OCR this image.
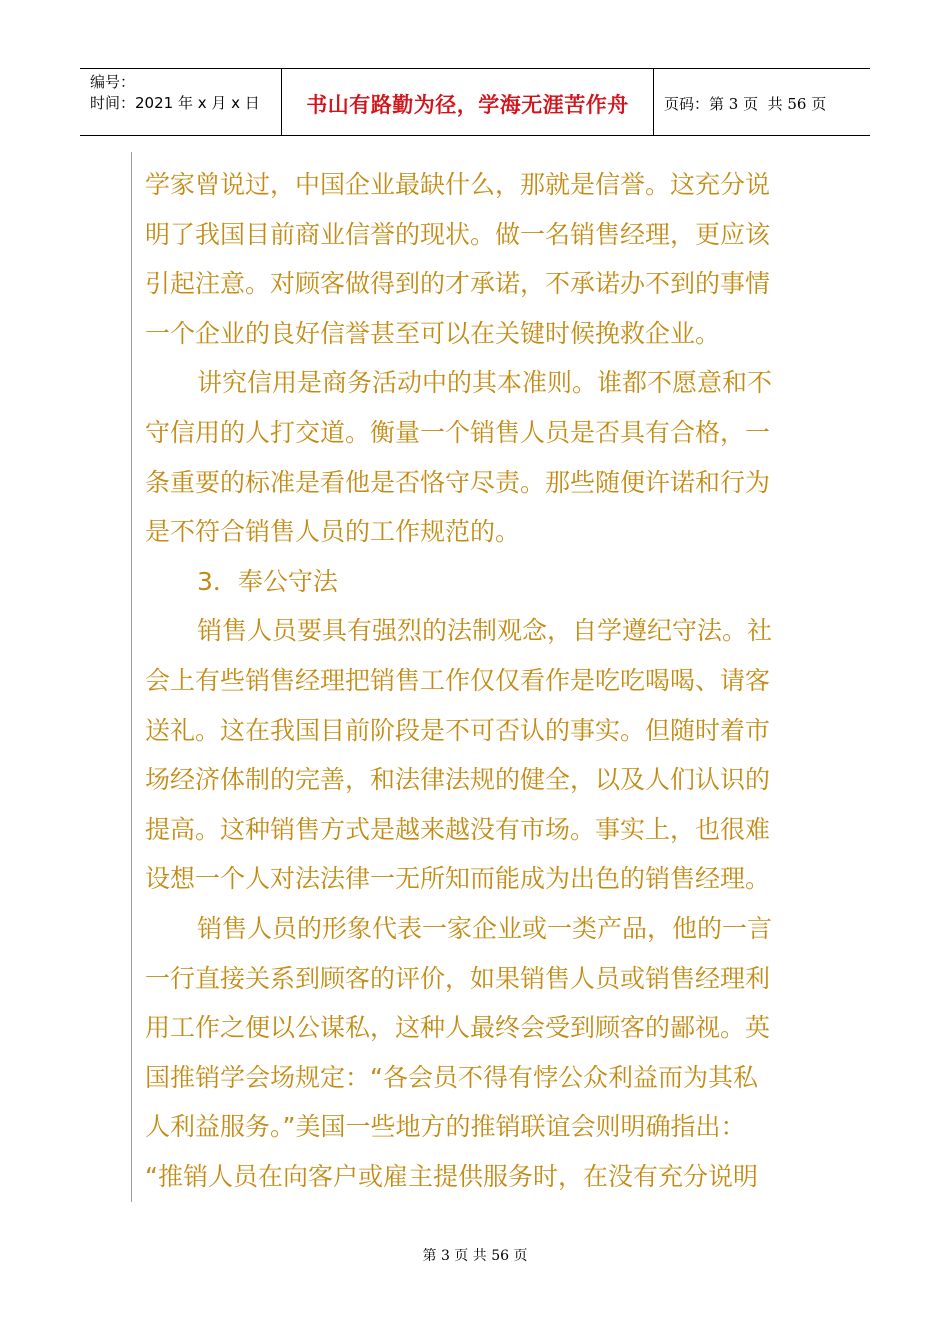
编号：
时间：2021 年 x 月 x 日	书山有路勤为径，学海无涯苦作舟 页码：第 3 页  共 56 页
学家曾说过，中国企业最缺什么，那就是信誉。这充分说
明了我国目前商业信誉的现状。做一名销售经理，更应该
引起注意。对顾客做得到的才承诺，不承诺办不到的事情
一个企业的良好信誉甚至可以在关键时候挽救企业。
讲究信用是商务活动中的其本准则。谁都不愿意和不
守信用的人打交道。衡量一个销售人员是否具有合格，一
条重要的标准是看他是否恪守尽责。那些随便许诺和行为
是不符合销售人员的工作规范的。
3．奉公守法
销售人员要具有强烈的法制观念，自学遵纪守法。社
会上有些销售经理把销售工作仅仅看作是吃吃喝喝、请客
送礼。这在我国目前阶段是不可否认的事实。但随时着市
场经济体制的完善，和法律法规的健全，以及人们认识的
提高。这种销售方式是越来越没有市场。事实上，也很难
设想一个人对法法律一无所知而能成为出色的销售经理。
销售人员的形象代表一家企业或一类产品，他的一言
一行直接关系到顾客的评价，如果销售人员或销售经理利
用工作之便以公谋私，这种人最终会受到顾客的鄙视。英
国推销学会场规定：“各会员不得有悖公众利益而为其私
人利益服务。”美国一些地方的推销联谊会则明确指出：
“推销人员在向客户或雇主提供服务时，在没有充分说明
第 3 页 共 56 页
